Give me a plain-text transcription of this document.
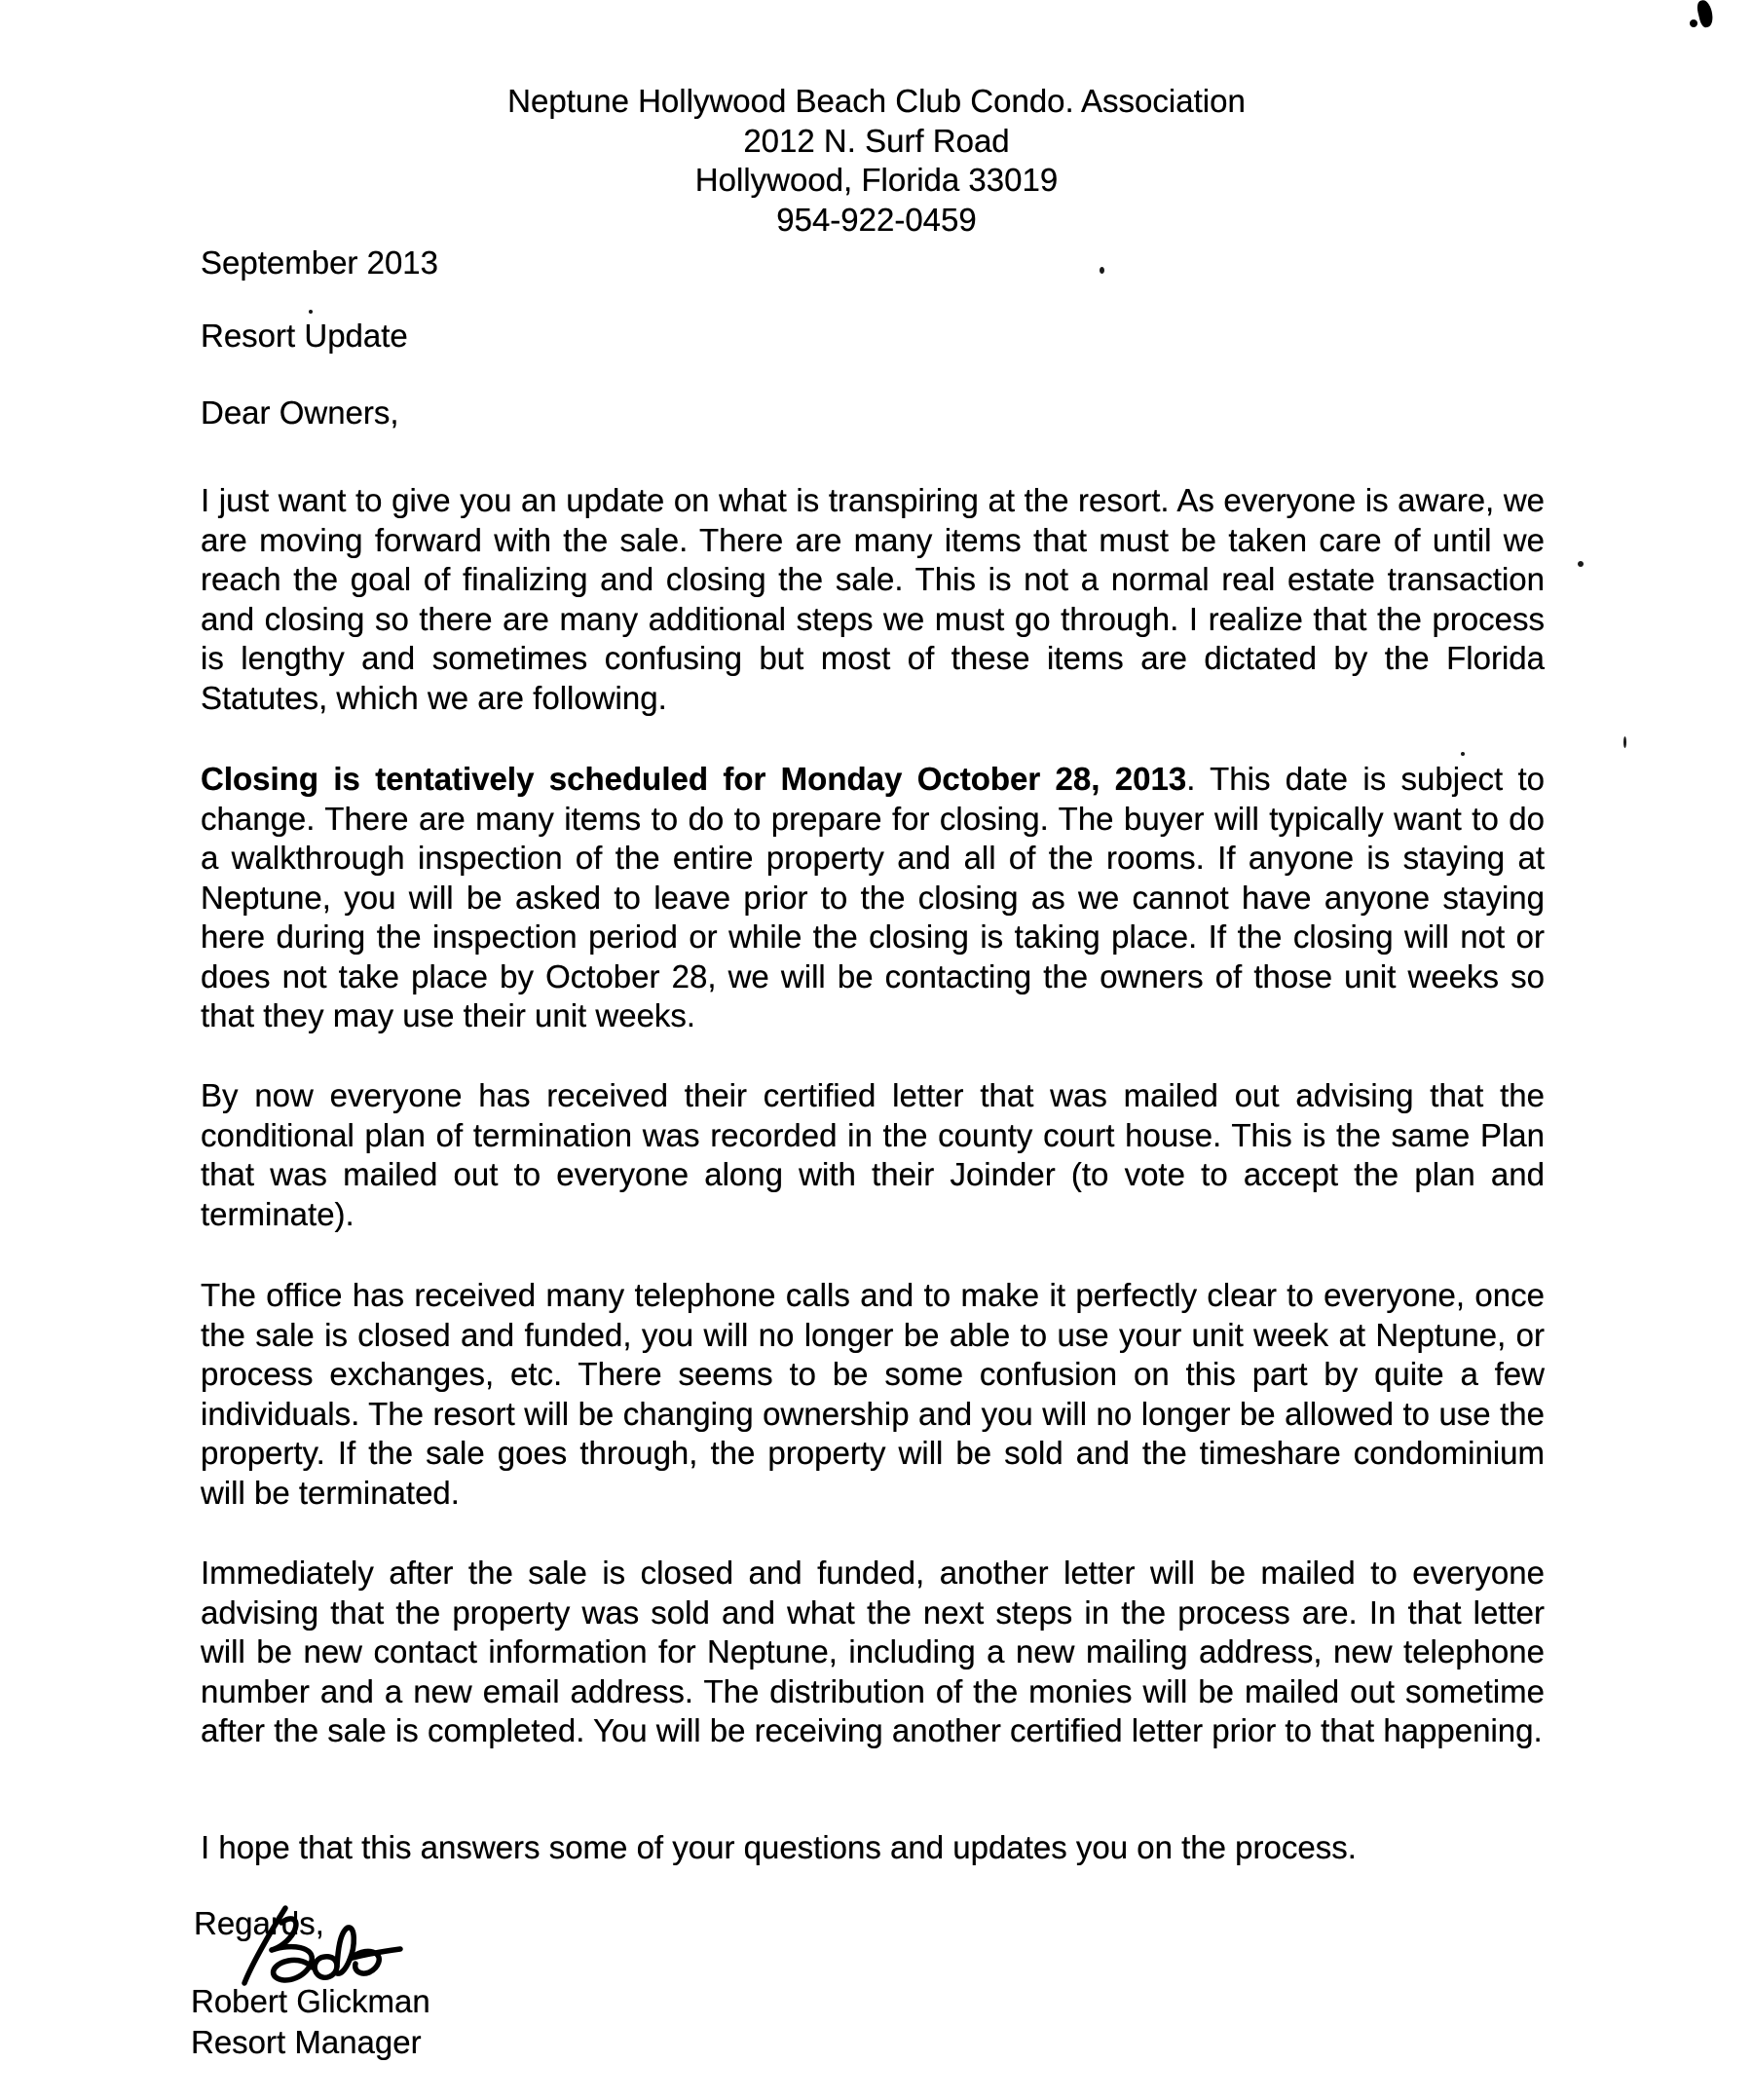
Neptune Hollywood Beach Club Condo. Association
2012 N. Surf Road
Hollywood, Florida 33019
954-922-0459
September 2013
Resort Update
Dear Owners,

I just want to give you an update on what is transpiring at the resort. As everyone is aware, we are moving forward with the sale. There are many items that must be taken care of until we reach the goal of finalizing and closing the sale. This is not a normal real estate transaction and closing so there are many additional steps we must go through. I realize that the process is lengthy and sometimes confusing but most of these items are dictated by the Florida Statutes, which we are following.

Closing is tentatively scheduled for Monday October 28, 2013. This date is subject to change. There are many items to do to prepare for closing. The buyer will typically want to do a walkthrough inspection of the entire property and all of the rooms. If anyone is staying at Neptune, you will be asked to leave prior to the closing as we cannot have anyone staying here during the inspection period or while the closing is taking place. If the closing will not or does not take place by October 28, we will be contacting the owners of those unit weeks so that they may use their unit weeks.

By now everyone has received their certified letter that was mailed out advising that the conditional plan of termination was recorded in the county court house. This is the same Plan that was mailed out to everyone along with their Joinder (to vote to accept the plan and terminate).

The office has received many telephone calls and to make it perfectly clear to everyone, once the sale is closed and funded, you will no longer be able to use your unit week at Neptune, or process exchanges, etc. There seems to be some confusion on this part by quite a few individuals. The resort will be changing ownership and you will no longer be allowed to use the property. If the sale goes through, the property will be sold and the timeshare condominium will be terminated.

Immediately after the sale is closed and funded, another letter will be mailed to everyone advising that the property was sold and what the next steps in the process are. In that letter will be new contact information for Neptune, including a new mailing address, new telephone number and a new email address. The distribution of the monies will be mailed out sometime after the sale is completed. You will be receiving another certified letter prior to that happening.

I hope that this answers some of your questions and updates you on the process.

Regards,
Robert Glickman
Resort Manager
